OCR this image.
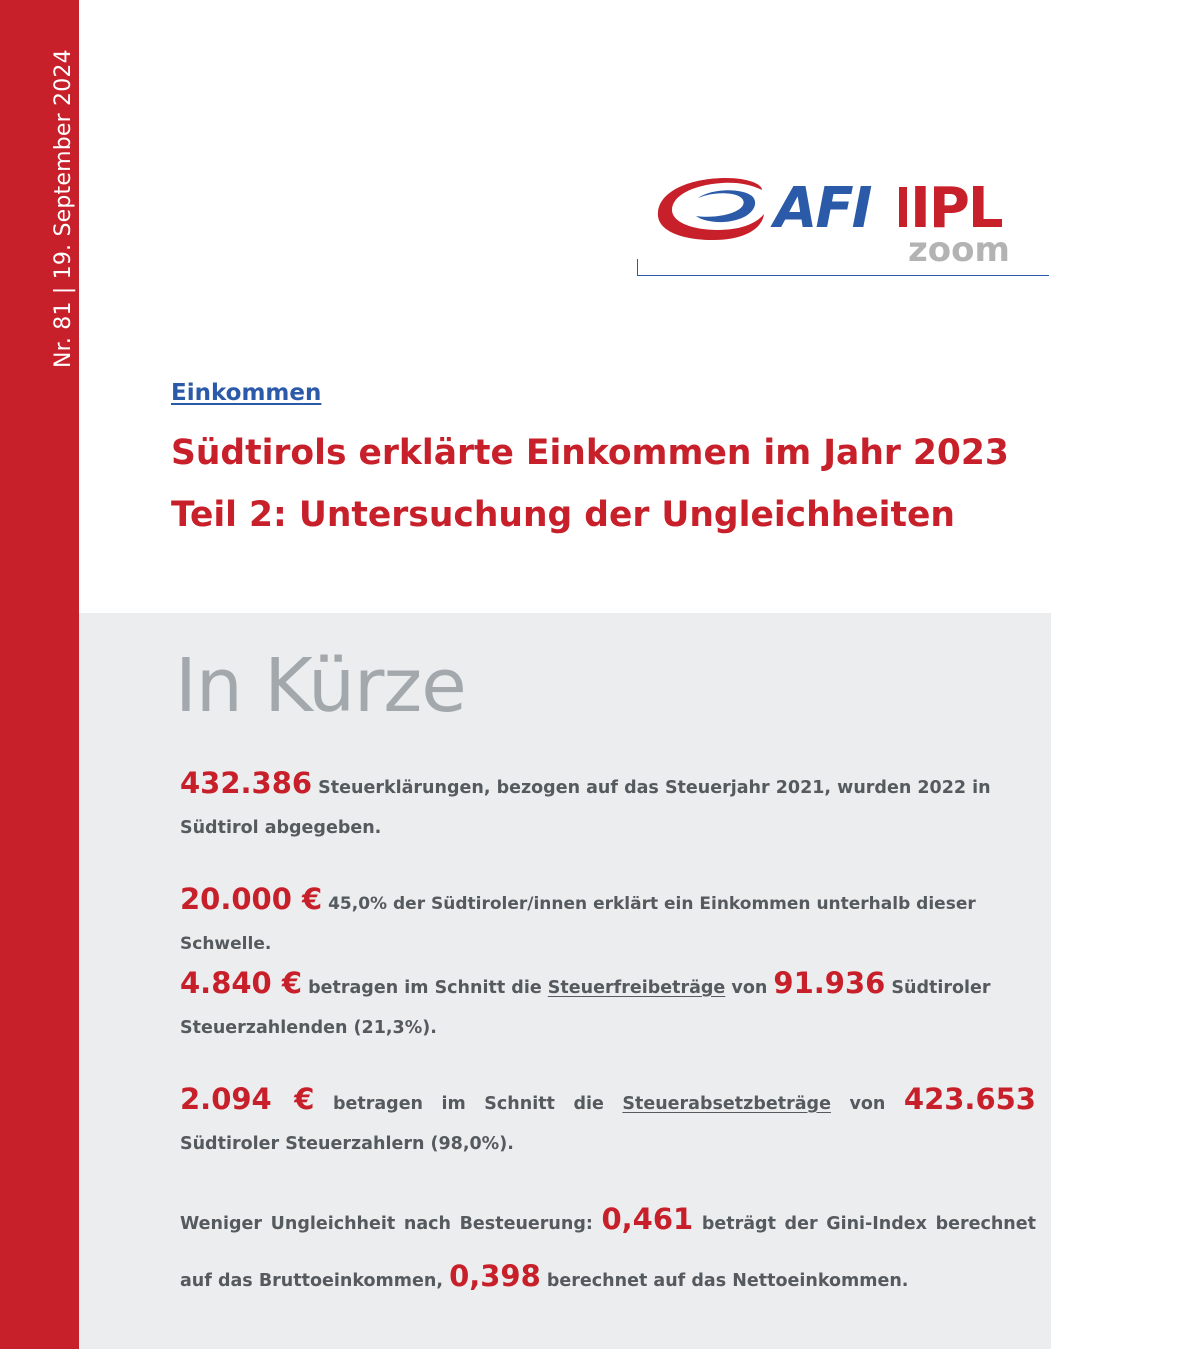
Nr. 81 | 19. September 2024	AFI IPL
zoom
Einkommen
Südtirols erklärte Einkommen im Jahr 2023
Teil 2: Untersuchung der Ungleichheiten
In Kürze

432.386 Steuerklärungen, bezogen auf das Steuerjahr 2021, wurden 2022 in Südtirol abgegeben.

20.000 € 45,0% der Südtiroler/innen erklärt ein Einkommen unterhalb dieser Schwelle.

4.840 € betragen im Schnitt die Steuerfreibeträge von 91.936 Südtiroler Steuerzahlenden (21,3%).

2.094 € betragen im Schnitt die Steuerabsetzbeträge von 423.653 Südtiroler Steuerzahlern (98,0%).

Weniger Ungleichheit nach Besteuerung: 0,461 beträgt der Gini-Index berechnet auf das Bruttoeinkommen, 0,398 berechnet auf das Nettoeinkommen.
